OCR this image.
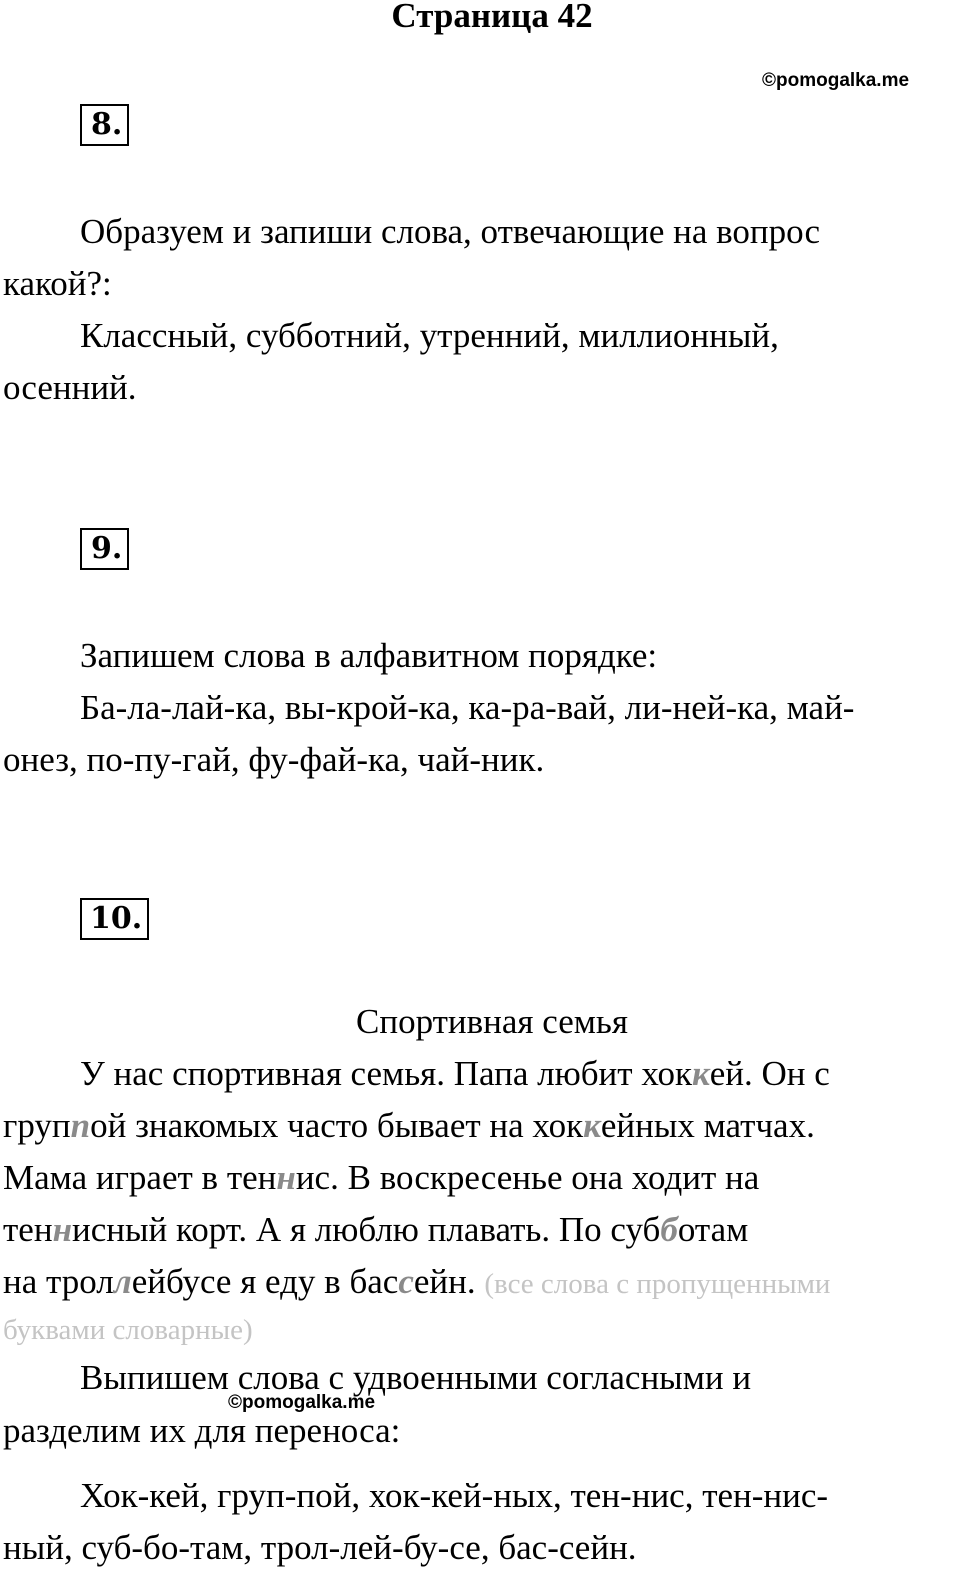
Страница 42
©pomogalka.me
8.
Образуем и запиши слова, отвечающие на вопрос
какой?:
Классный, субботний, утренний, миллионный,
осенний.
9.
Запишем слова в алфавитном порядке:
Ба-ла-лай-ка, вы-крой-ка, ка-ра-вай, ли-ней-ка, май-
онез, по-пу-гай, фу-фай-ка, чай-ник.
10.
Спортивная семья
У нас спортивная семья. Папа любит хоккей. Он с
группой знакомых часто бывает на хоккейных матчах.
Мама играет в теннис. В воскресенье она ходит на
теннисный корт. А я люблю плавать. По субботам
на троллейбусе я еду в бассейн. (все слова с пропущенными
буквами словарные)
Выпишем слова с удвоенными согласными и
©pomogalka.me
разделим их для переноса:
Хок-кей, груп-пой, хок-кей-ных, тен-нис, тен-нис-
ный, суб-бо-там, трол-лей-бу-се, бас-сейн.
